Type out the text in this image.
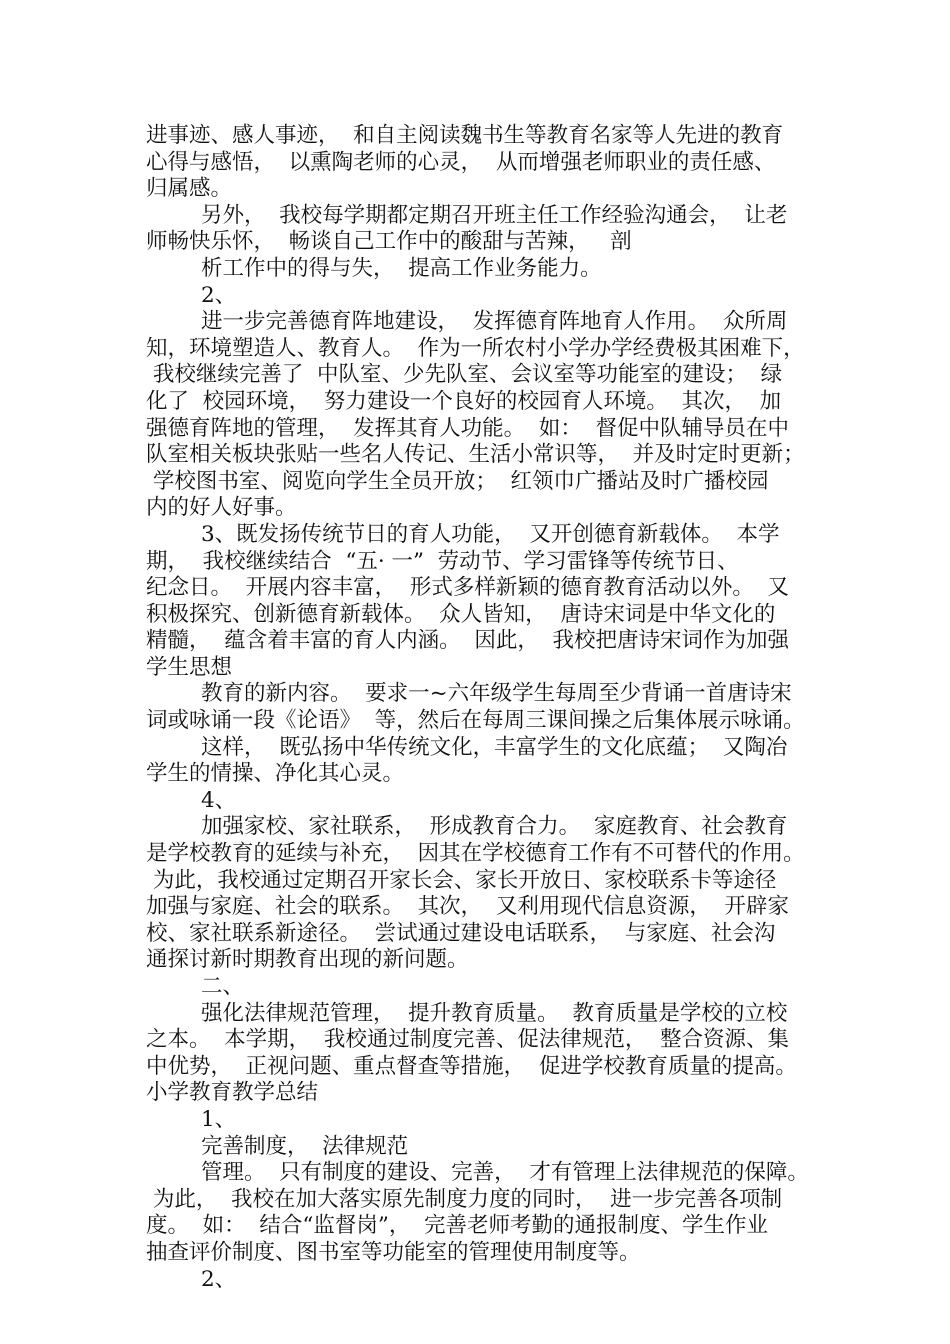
进事迹、感人事迹，  和自主阅读魏书生等教育名家等人先进的教育
心得与感悟，  以熏陶老师的心灵，  从而增强老师职业的责任感、
归属感。
另外，  我校每学期都定期召开班主任工作经验沟通会，  让老
师畅快乐怀，  畅谈自己工作中的酸甜与苦辣，   剖
析工作中的得与失，  提高工作业务能力。
2、
进一步完善德育阵地建设，  发挥德育阵地育人作用。  众所周
知，环境塑造人、教育人。  作为一所农村小学办学经费极其困难下，
我校继续完善了  中队室、少先队室、会议室等功能室的建设；  绿
化了  校园环境，  努力建设一个良好的校园育人环境。  其次，  加
强德育阵地的管理，  发挥其育人功能。  如：  督促中队辅导员在中
队室相关板块张贴一些名人传记、生活小常识等，  并及时定时更新；
学校图书室、阅览向学生全员开放；  红领巾广播站及时广播校园
内的好人好事。
3、既发扬传统节日的育人功能，  又开创德育新载体。  本学
期，  我校继续结合  “五· 一”  劳动节、学习雷锋等传统节日、
纪念日。  开展内容丰富，  形式多样新颖的德育教育活动以外。  又
积极探究、创新德育新载体。  众人皆知，  唐诗宋词是中华文化的
精髓，  蕴含着丰富的育人内涵。  因此，  我校把唐诗宋词作为加强
学生思想
教育的新内容。  要求一~六年级学生每周至少背诵一首唐诗宋
词或咏诵一段《论语》  等，然后在每周三课间操之后集体展示咏诵。
这样，  既弘扬中华传统文化，丰富学生的文化底蕴；  又陶冶
学生的情操、净化其心灵。
4、
加强家校、家社联系，  形成教育合力。  家庭教育、社会教育
是学校教育的延续与补充，  因其在学校德育工作有不可替代的作用。
为此，我校通过定期召开家长会、家长开放日、家校联系卡等途径
加强与家庭、社会的联系。  其次，  又利用现代信息资源，  开辟家
校、家社联系新途径。  尝试通过建设电话联系，  与家庭、社会沟
通探讨新时期教育出现的新问题。
二、
强化法律规范管理，  提升教育质量。  教育质量是学校的立校
之本。  本学期，  我校通过制度完善、促法律规范，  整合资源、集
中优势，  正视问题、重点督查等措施，  促进学校教育质量的提高。
小学教育教学总结
1、
完善制度，  法律规范
管理。  只有制度的建设、完善，  才有管理上法律规范的保障。
为此，  我校在加大落实原先制度力度的同时，  进一步完善各项制
度。  如：  结合“监督岗”，  完善老师考勤的通报制度、学生作业
抽查评价制度、图书室等功能室的管理使用制度等。
2、
